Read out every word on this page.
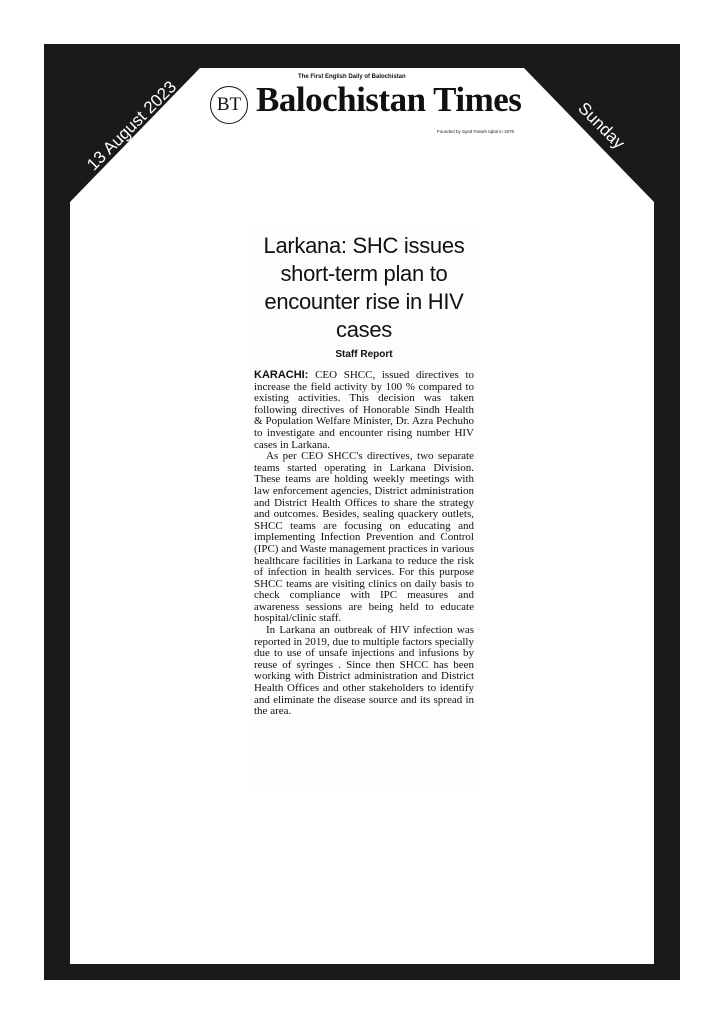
13 August 2023	Sunday
The First English Daily of Balochistan
BT Balochistan Times
Founded by Syed Fasieh Iqbal in 1976
Larkana: SHC issues short-term plan to encounter rise in HIV cases
Staff Report

KARACHI: CEO SHCC, issued directives to increase the field activity by 100 % compared to existing activities. This decision was taken following directives of Honorable Sindh Health & Population Welfare Minister, Dr. Azra Pechuho to investigate and encounter rising number HIV cases in Larkana.

As per CEO SHCC's directives, two separate teams started operating in Larkana Division. These teams are holding weekly meetings with law enforcement agencies, District administration and District Health Offices to share the strategy and outcomes. Besides, sealing quackery outlets, SHCC teams are focusing on educating and implementing Infection Prevention and Control (IPC) and Waste management practices in various healthcare facilities in Larkana to reduce the risk of infection in health services. For this purpose SHCC teams are visiting clinics on daily basis to check compliance with IPC measures and awareness sessions are being held to educate hospital/clinic staff.

In Larkana an outbreak of HIV infection was reported in 2019, due to multiple factors specially due to use of unsafe injections and infusions by reuse of syringes . Since then SHCC has been working with District administration and District Health Offices and other stakeholders to identify and eliminate the disease source and its spread in the area.
